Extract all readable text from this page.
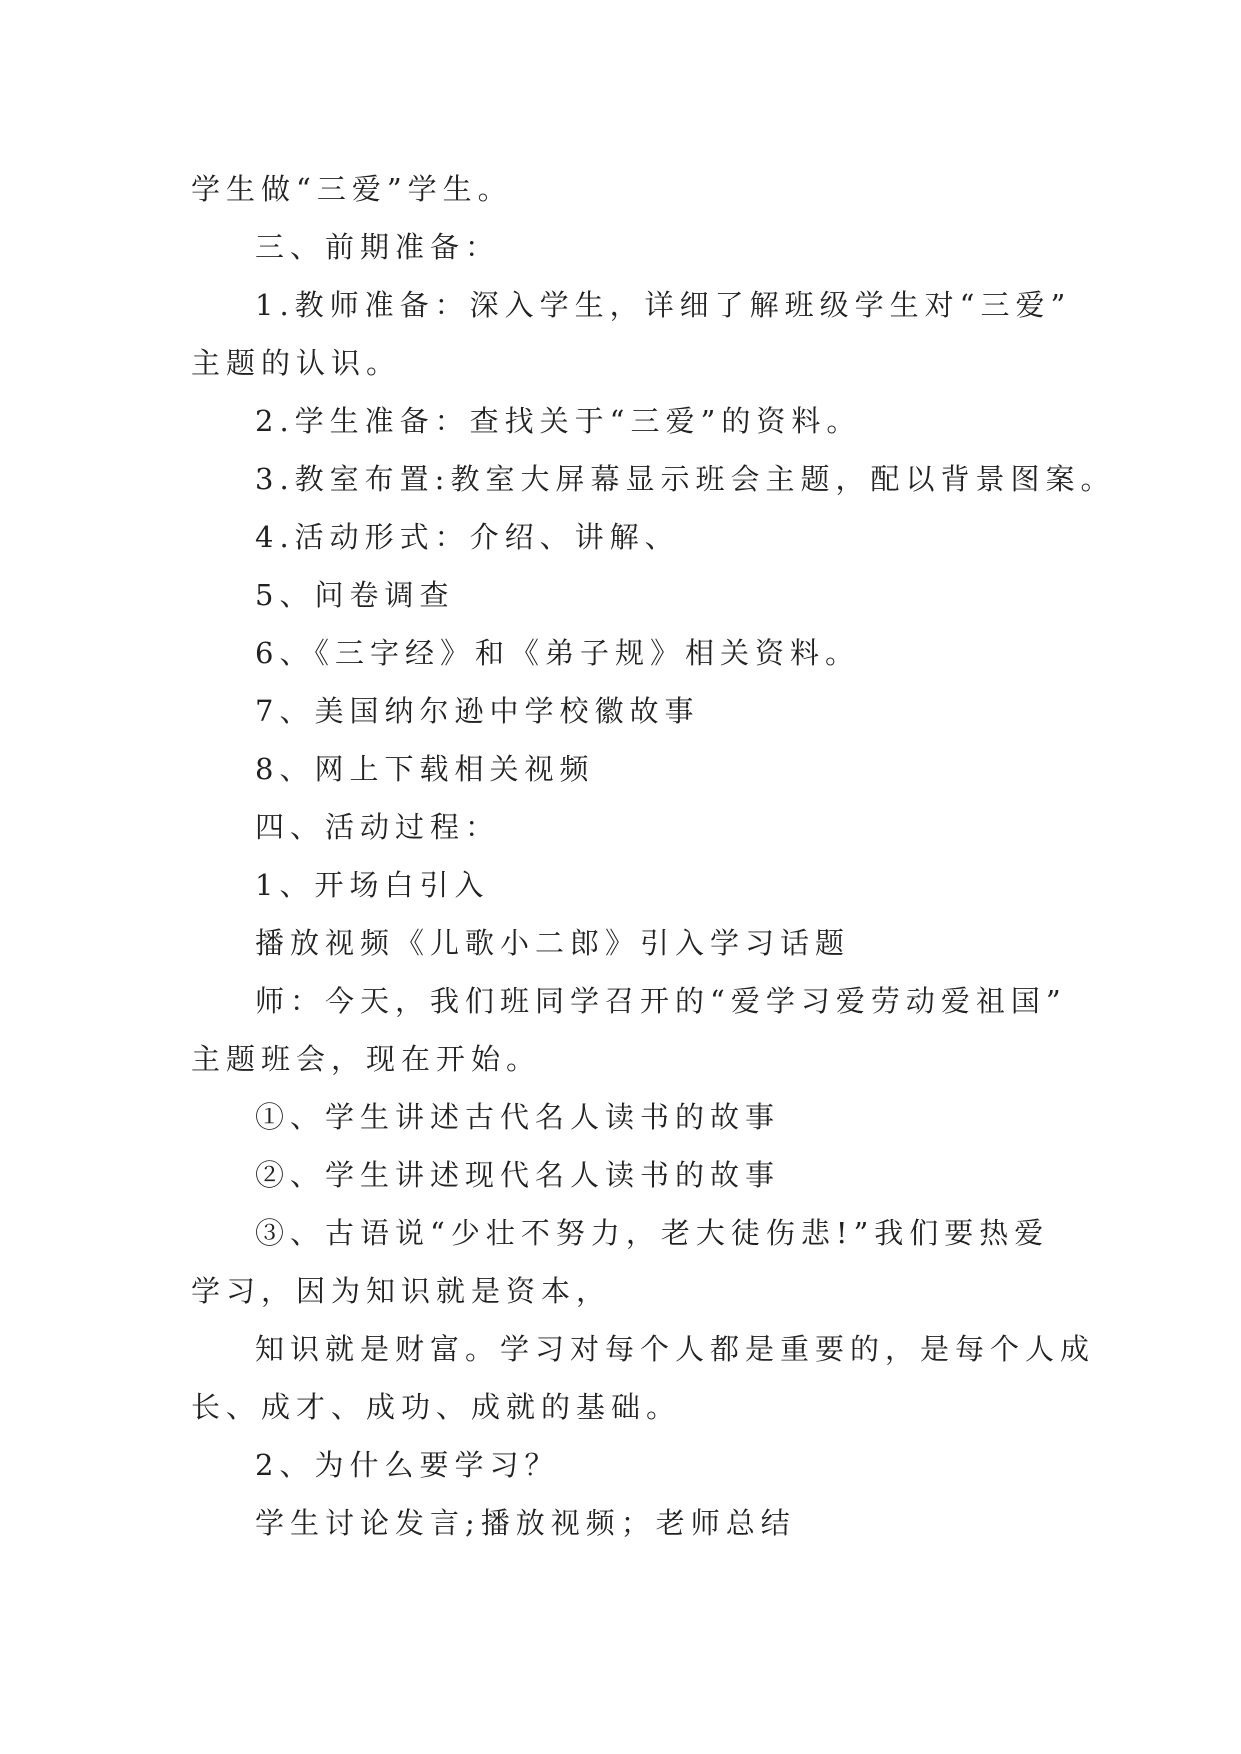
学生做“三爱”学生。
三、前期准备：
1.教师准备：深入学生，详细了解班级学生对“三爱”
主题的认识。
2.学生准备：查找关于“三爱”的资料。
3.教室布置:教室大屏幕显示班会主题，配以背景图案。
4.活动形式：介绍、讲解、
5、问卷调查
6、《三字经》和《弟子规》相关资料。
7、美国纳尔逊中学校徽故事
8、网上下载相关视频
四、活动过程：
1、开场白引入
播放视频《儿歌小二郎》引入学习话题
师：今天，我们班同学召开的“爱学习爱劳动爱祖国”
主题班会，现在开始。
①、学生讲述古代名人读书的故事
②、学生讲述现代名人读书的故事
③、古语说“少壮不努力，老大徒伤悲!”我们要热爱
学习，因为知识就是资本，
知识就是财富。学习对每个人都是重要的，是每个人成
长、成才、成功、成就的基础。
2、为什么要学习？
学生讨论发言;播放视频；老师总结
